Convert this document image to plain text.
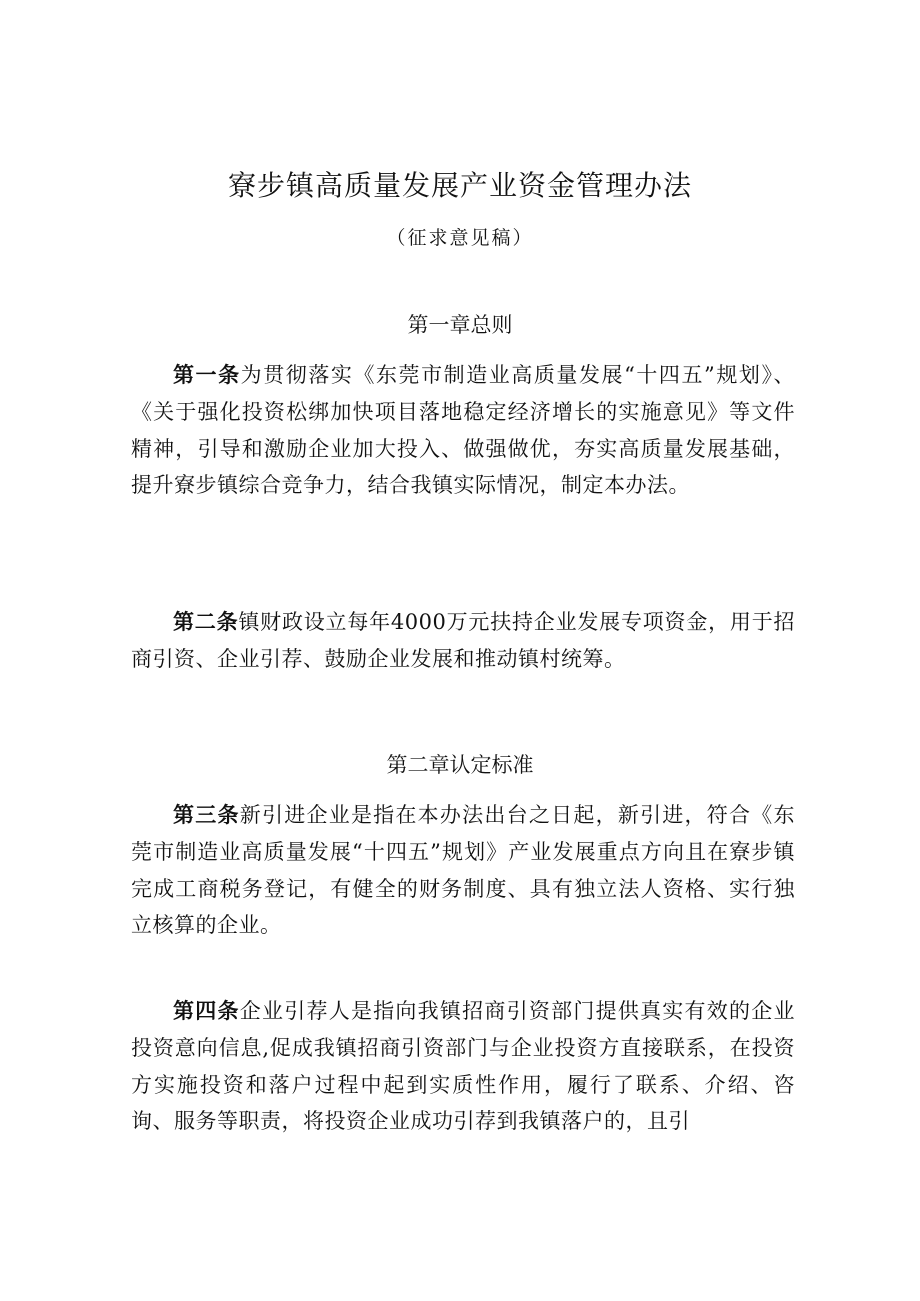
寮步镇高质量发展产业资金管理办法
（征求意见稿）
第一章总则

第一条为贯彻落实《东莞市制造业高质量发展“十四五”规划》、《关于强化投资松绑加快项目落地稳定经济增长的实施意见》等文件精神，引导和激励企业加大投入、做强做优，夯实高质量发展基础，提升寮步镇综合竞争力，结合我镇实际情况，制定本办法。

第二条镇财政设立每年4000万元扶持企业发展专项资金，用于招商引资、企业引荐、鼓励企业发展和推动镇村统筹。

第二章认定标准

第三条新引进企业是指在本办法出台之日起，新引进，符合《东莞市制造业高质量发展“十四五”规划》产业发展重点方向且在寮步镇完成工商税务登记，有健全的财务制度、具有独立法人资格、实行独立核算的企业。

第四条企业引荐人是指向我镇招商引资部门提供真实有效的企业投资意向信息,促成我镇招商引资部门与企业投资方直接联系，在投资方实施投资和落户过程中起到实质性作用，履行了联系、介绍、咨询、服务等职责，将投资企业成功引荐到我镇落户的，且引
